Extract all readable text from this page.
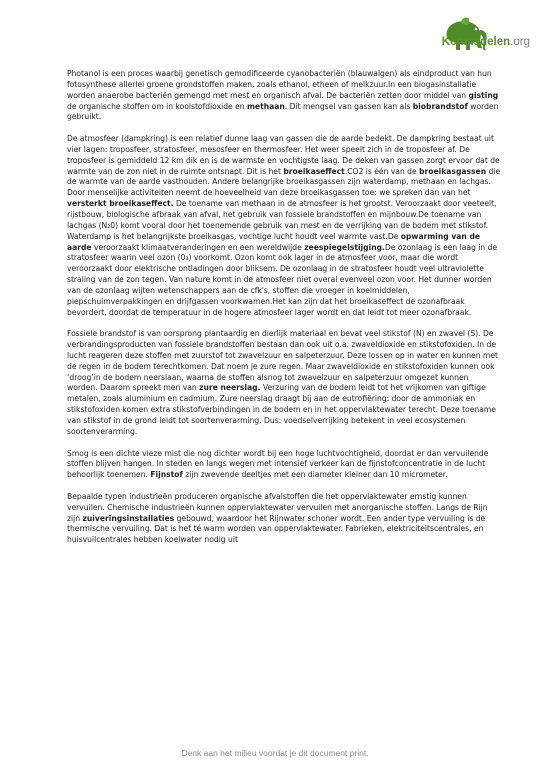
Kennisdelen.org

Photanol is een proces waarbij genetisch gemodificeerde cyanobacteriën (blauwalgen) als eindproduct van hun fotosynthese allerlei groene grondstoffen maken, zoals ethanol, etheen of melkzuur.In een biogasinstallatie worden anaerobe bacteriën gemengd met mest en organisch afval. De bacteriën zetten door middel van gisting de organische stoffen om in koolstofdioxide en methaan. Dit mengsel van gassen kan als biobrandstof worden gebruikt.

De atmosfeer (dampkring) is een relatief dunne laag van gassen die de aarde bedekt. De dampkring bestaat uit vier lagen: troposfeer, stratosfeer, mesosfeer en thermosfeer. Het weer speelt zich in de troposfeer af. De troposfeer is gemiddeld 12 km dik en is de warmste en vochtigste laag. De deken van gassen zorgt ervoor dat de warmte van de zon niet in de ruimte ontsnapt. Dit is het broeikaseffect.CO2 is één van de broeikasgassen die de warmte van de aarde vasthouden. Andere belangrijke broeikasgassen zijn waterdamp, methaan en lachgas. Door menselijke activiteiten neemt de hoeveelheid van deze broeikasgassen toe: we spreken dan van het versterkt broeikaseffect. De toename van methaan in de atmosfeer is het grootst. Veroorzaakt door veeteelt, rijstbouw, biologische afbraak van afval, het gebruik van fossiele brandstoffen en mijnbouw.De toename van lachgas (N₂0) komt vooral door het toenemende gebruik van mest en de verrijking van de bodem met stikstof. Waterdamp is het belangrijkste broeikasgas, vochtige lucht houdt veel warmte vast.De opwarming van de aarde veroorzaakt klimaatveranderingen en een wereldwijde zeespiegelstijging.De ozonlaag is een laag in de stratosfeer waarin veel ozon (0₃) voorkomt. Ozon komt ook lager in de atmosfeer voor, maar die wordt veroorzaakt door elektrische ontladingen door bliksem. De ozonlaag in de stratosfeer houdt veel ultraviolette straling van de zon tegen. Van nature komt in de atmosfeer niet overal evenveel ozon voor. Het dunner worden van de ozonlaag wijten wetenschappers aan de cfk's, stoffen die vroeger in koelmiddelen, piepschuimverpakkingen en drijfgassen voorkwamen.Het kan zijn dat het broeikaseffect de ozonafbraak bevordert, doordat de temperatuur in de hogere atmosfeer lager wordt en dat leidt tot meer ozonafbraak.

Fossiele brandstof is van oorsprong plantaardig en dierlijk materiaal en bevat veel stikstof (N) en zwavel (S). De verbrandingsproducten van fossiele brandstoffen bestaan dan ook uit o.a. zwaveldioxide en stikstofoxiden. In de lucht reageren deze stoffen met zuurstof tot zwavelzuur en salpeterzuur. Deze lossen op in water en kunnen met de regen in de bodem terechtkomen. Dat noem je zure regen. Maar zwaveldioxide en stikstofoxiden kunnen ook ‘droog’in de bodem neerslaan, waarna de stoffen alsnog tot zwavelzuur en salpeterzuur omgezet kunnen worden. Daarom spreekt men van zure neerslag. Verzuring van de bodem leidt tot het vrijkomen van giftige metalen, zoals aluminium en cadmium. Zure neerslag draagt bij aan de eutrofiëring: door de ammoniak en stikstofoxiden komen extra stikstofverbindingen in de bodem en in het oppervlaktewater terecht. Deze toename van stikstof in de grond leidt tot soortenverarming. Dus: voedselverrijking betekent in veel ecosystemen soortenverarming.

Smog is een dichte vieze mist die nog dichter wordt bij een hoge luchtvochtigheid, doordat er dan vervuilende stoffen blijven hangen. In steden en langs wegen met intensief verkeer kan de fijnstofconcentratie in de lucht behoorlijk toenemen. Fijnstof zijn zwevende deeltjes met een diameter kleiner dan 10 micrometer.

Bepaalde typen industrieën produceren organische afvalstoffen die het oppervlaktewater ernstig kunnen vervuilen. Chemische industrieën kunnen oppervlaktewater vervuilen met anorganische stoffen. Langs de Rijn zijn zuiveringsinstallaties gebouwd, waardoor het Rijnwater schoner wordt. Een ander type vervuiling is de thermische vervuiling. Dat is het té warm worden van oppervlaktewater. Fabrieken, elektriciteitscentrales, en huisvuilcentrales hebben koelwater nodig uit

Denk aan het milieu voordat je dit document print.
